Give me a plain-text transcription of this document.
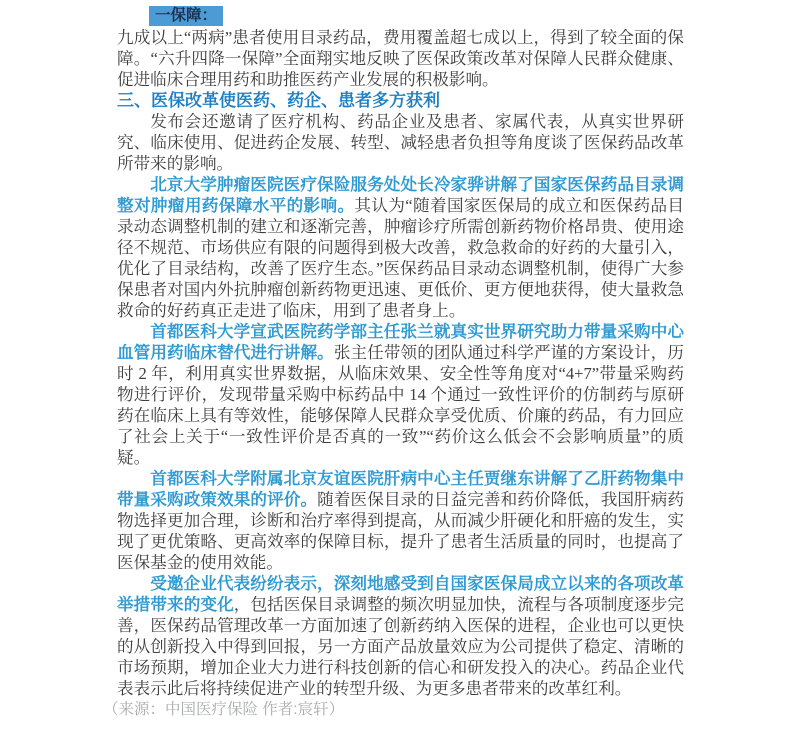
一保障：

九成以上“两病”患者使用目录药品，费用覆盖超七成以上，得到了较全面的保障。“六升四降一保障”全面翔实地反映了医保政策改革对保障人民群众健康、促进临床合理用药和助推医药产业发展的积极影响。

三、医保改革使医药、药企、患者多方获利

发布会还邀请了医疗机构、药品企业及患者、家属代表，从真实世界研究、临床使用、促进药企发展、转型、减轻患者负担等角度谈了医保药品改革所带来的影响。

北京大学肿瘤医院医疗保险服务处处长冷家骅讲解了国家医保药品目录调整对肿瘤用药保障水平的影响。其认为“随着国家医保局的成立和医保药品目录动态调整机制的建立和逐渐完善，肿瘤诊疗所需创新药物价格昂贵、使用途径不规范、市场供应有限的问题得到极大改善，救急救命的好药的大量引入，优化了目录结构，改善了医疗生态。”医保药品目录动态调整机制，使得广大参保患者对国内外抗肿瘤创新药物更迅速、更低价、更方便地获得，使大量救急救命的好药真正走进了临床，用到了患者身上。

首都医科大学宣武医院药学部主任张兰就真实世界研究助力带量采购中心血管用药临床替代进行讲解。张主任带领的团队通过科学严谨的方案设计，历时 2 年，利用真实世界数据，从临床效果、安全性等角度对“4+7”带量采购药物进行评价，发现带量采购中标药品中 14 个通过一致性评价的仿制药与原研药在临床上具有等效性，能够保障人民群众享受优质、价廉的药品，有力回应了社会上关于“一致性评价是否真的一致”“药价这么低会不会影响质量”的质疑。

首都医科大学附属北京友谊医院肝病中心主任贾继东讲解了乙肝药物集中带量采购政策效果的评价。随着医保目录的日益完善和药价降低，我国肝病药物选择更加合理，诊断和治疗率得到提高，从而减少肝硬化和肝癌的发生，实现了更优策略、更高效率的保障目标，提升了患者生活质量的同时，也提高了医保基金的使用效能。

受邀企业代表纷纷表示，深刻地感受到自国家医保局成立以来的各项改革举措带来的变化，包括医保目录调整的频次明显加快，流程与各项制度逐步完善，医保药品管理改革一方面加速了创新药纳入医保的进程，企业也可以更快的从创新投入中得到回报，另一方面产品放量效应为公司提供了稳定、清晰的市场预期，增加企业大力进行科技创新的信心和研发投入的决心。药品企业代表表示此后将持续促进产业的转型升级、为更多患者带来的改革红利。

（来源：中国医疗保险 作者:宸轩）
